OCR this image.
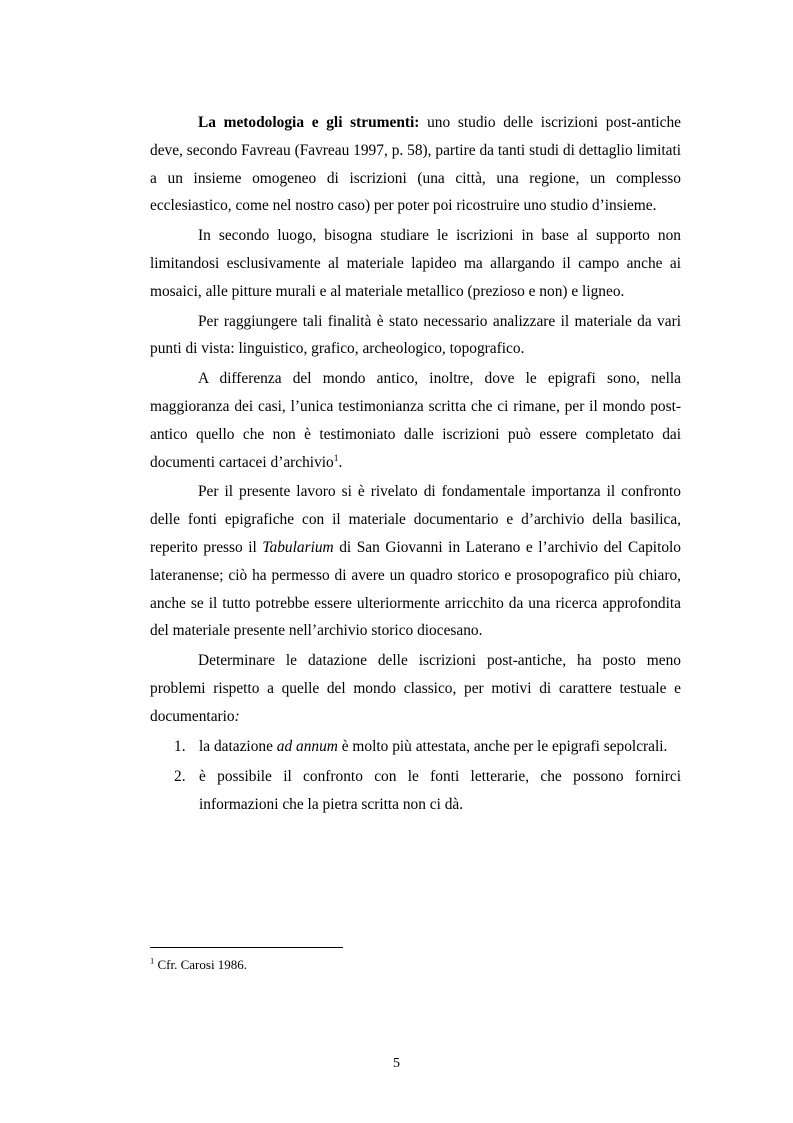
La metodologia e gli strumenti: uno studio delle iscrizioni post-antiche deve, secondo Favreau (Favreau 1997, p. 58), partire da tanti studi di dettaglio limitati a un insieme omogeneo di iscrizioni (una città, una regione, un complesso ecclesiastico, come nel nostro caso) per poter poi ricostruire uno studio d’insieme.

In secondo luogo, bisogna studiare le iscrizioni in base al supporto non limitandosi esclusivamente al materiale lapideo ma allargando il campo anche ai mosaici, alle pitture murali e al materiale metallico (prezioso e non) e ligneo.

Per raggiungere tali finalità è stato necessario analizzare il materiale da vari punti di vista: linguistico, grafico, archeologico, topografico.

A differenza del mondo antico, inoltre, dove le epigrafi sono, nella maggioranza dei casi, l’unica testimonianza scritta che ci rimane, per il mondo post-antico quello che non è testimoniato dalle iscrizioni può essere completato dai documenti cartacei d’archivio$^1$.

Per il presente lavoro si è rivelato di fondamentale importanza il confronto delle fonti epigrafiche con il materiale documentario e d’archivio della basilica, reperito presso il Tabularium di San Giovanni in Laterano e l’archivio del Capitolo lateranense; ciò ha permesso di avere un quadro storico e prosopografico più chiaro, anche se il tutto potrebbe essere ulteriormente arricchito da una ricerca approfondita del materiale presente nell’archivio storico diocesano.

Determinare le datazione delle iscrizioni post-antiche, ha posto meno problemi rispetto a quelle del mondo classico, per motivi di carattere testuale e documentario:

1. la datazione ad annum è molto più attestata, anche per le epigrafi sepolcrali.
2. è possibile il confronto con le fonti letterarie, che possono fornirci informazioni che la pietra scritta non ci dà.
$^1$ Cfr. Carosi 1986.
5
